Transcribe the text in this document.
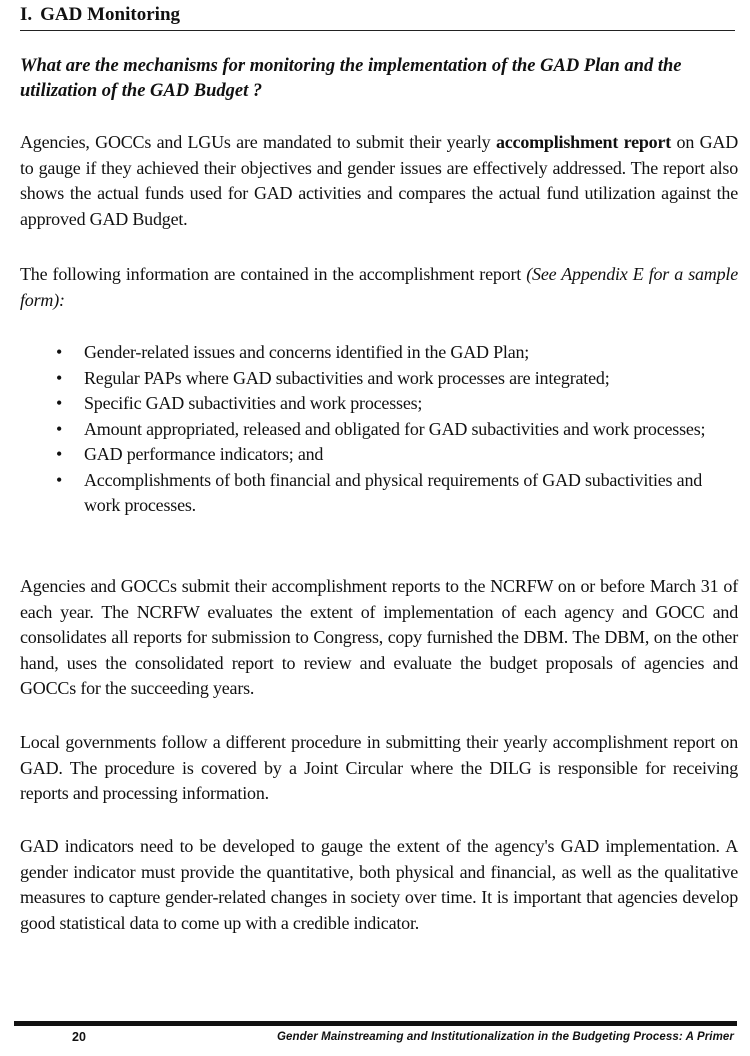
I. GAD Monitoring
What are the mechanisms for monitoring the implementation of the GAD Plan and the utilization of the GAD Budget ?
Agencies, GOCCs and LGUs are mandated to submit their yearly accomplishment report on GAD to gauge if they achieved their objectives and gender issues are effectively addressed. The report also shows the actual funds used for GAD activities and compares the actual fund utilization against the approved GAD Budget.
The following information are contained in the accomplishment report (See Appendix E for a sample form):
• Gender-related issues and concerns identified in the GAD Plan;
• Regular PAPs where GAD subactivities and work processes are integrated;
• Specific GAD subactivities and work processes;
• Amount appropriated, released and obligated for GAD subactivities and work processes;
• GAD performance indicators; and
• Accomplishments of both financial and physical requirements of GAD subactivities and work processes.
Agencies and GOCCs submit their accomplishment reports to the NCRFW on or before March 31 of each year. The NCRFW evaluates the extent of implementation of each agency and GOCC and consolidates all reports for submission to Congress, copy furnished the DBM. The DBM, on the other hand, uses the consolidated report to review and evaluate the budget proposals of agencies and GOCCs for the succeeding years.
Local governments follow a different procedure in submitting their yearly accomplishment report on GAD. The procedure is covered by a Joint Circular where the DILG is responsible for receiving reports and processing information.
GAD indicators need to be developed to gauge the extent of the agency's GAD implementation. A gender indicator must provide the quantitative, both physical and financial, as well as the qualitative measures to capture gender-related changes in society over time. It is important that agencies develop good statistical data to come up with a credible indicator.
20	Gender Mainstreaming and Institutionalization in the Budgeting Process: A Primer
